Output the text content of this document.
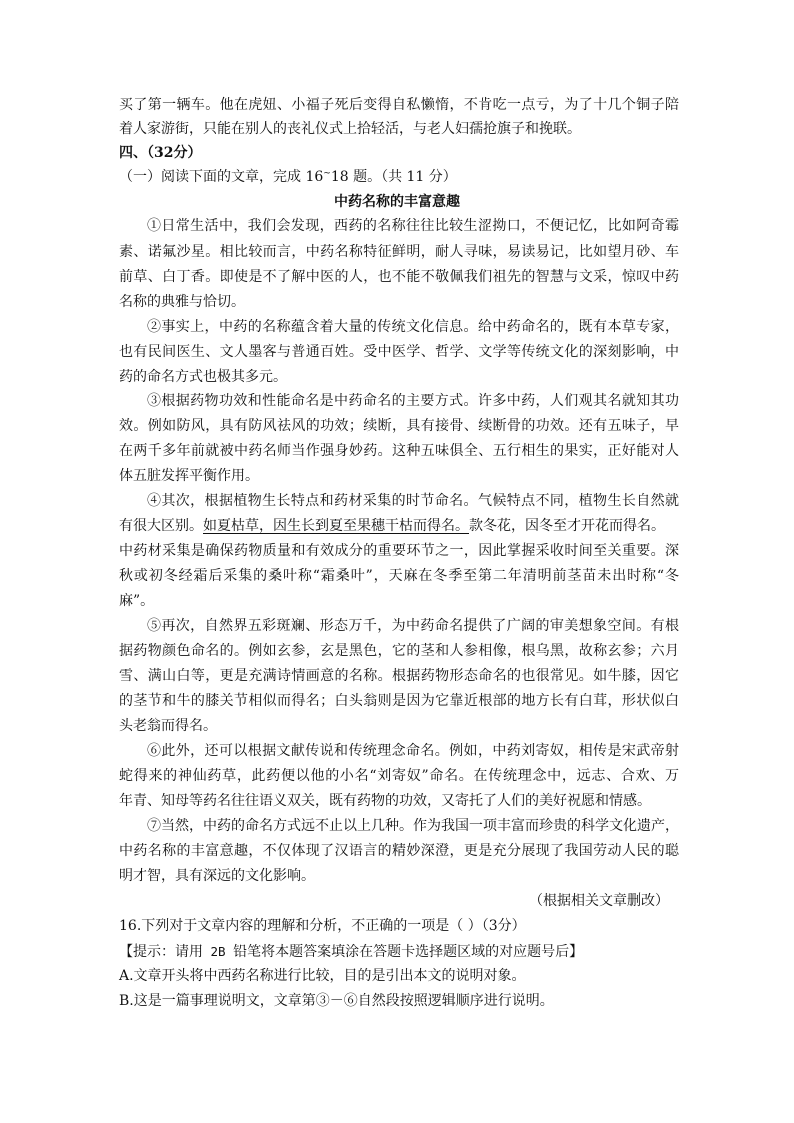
买了第一辆车。他在虎妞、小福子死后变得自私懒惰，不肯吃一点亏，为了十几个铜子陪
着人家游街，只能在别人的丧礼仪式上拾轻活，与老人妇孺抢旗子和挽联。
四、（32分）
（一）阅读下面的文章，完成 16~18 题。（共 11 分）
中药名称的丰富意趣
①日常生活中，我们会发现，西药的名称往往比较生涩拗口，不便记忆，比如阿奇霉
素、诺氟沙星。相比较而言，中药名称特征鲜明，耐人寻味，易读易记，比如望月砂、车
前草、白丁香。即使是不了解中医的人，也不能不敬佩我们祖先的智慧与文采，惊叹中药
名称的典雅与恰切。
②事实上，中药的名称蕴含着大量的传统文化信息。给中药命名的，既有本草专家，
也有民间医生、文人墨客与普通百姓。受中医学、哲学、文学等传统文化的深刻影响，中
药的命名方式也极其多元。
③根据药物功效和性能命名是中药命名的主要方式。许多中药，人们观其名就知其功
效。例如防风，具有防风祛风的功效；续断，具有接骨、续断骨的功效。还有五味子，早
在两千多年前就被中药名师当作强身妙药。这种五味俱全、五行相生的果实，正好能对人
体五脏发挥平衡作用。
④其次，根据植物生长特点和药材采集的时节命名。气候特点不同，植物生长自然就
有很大区别。如夏枯草，因生长到夏至果穗干枯而得名。款冬花，因冬至才开花而得名。
中药材采集是确保药物质量和有效成分的重要环节之一，因此掌握采收时间至关重要。深
秋或初冬经霜后采集的桑叶称“霜桑叶”，天麻在冬季至第二年清明前茎苗未出时称“冬
麻”。
⑤再次，自然界五彩斑斓、形态万千，为中药命名提供了广阔的审美想象空间。有根
据药物颜色命名的。例如玄参，玄是黑色，它的茎和人参相像，根乌黑，故称玄参；六月
雪、满山白等，更是充满诗情画意的名称。根据药物形态命名的也很常见。如牛膝，因它
的茎节和牛的膝关节相似而得名；白头翁则是因为它靠近根部的地方长有白茸，形状似白
头老翁而得名。
⑥此外，还可以根据文献传说和传统理念命名。例如，中药刘寄奴，相传是宋武帝射
蛇得来的神仙药草，此药便以他的小名“刘寄奴”命名。在传统理念中，远志、合欢、万
年青、知母等药名往往语义双关，既有药物的功效，又寄托了人们的美好祝愿和情感。
⑦当然，中药的命名方式远不止以上几种。作为我国一项丰富而珍贵的科学文化遗产，
中药名称的丰富意趣，不仅体现了汉语言的精妙深澄，更是充分展现了我国劳动人民的聪
明才智，具有深远的文化影响。
（根据相关文章删改）
16.下列对于文章内容的理解和分析，不正确的一项是（ ）（3分）
【提示：请用 2B 铅笔将本题答案填涂在答题卡选择题区域的对应题号后】
A.文章开头将中西药名称进行比较，目的是引出本文的说明对象。
B.这是一篇事理说明文，文章第③－⑥自然段按照逻辑顺序进行说明。
